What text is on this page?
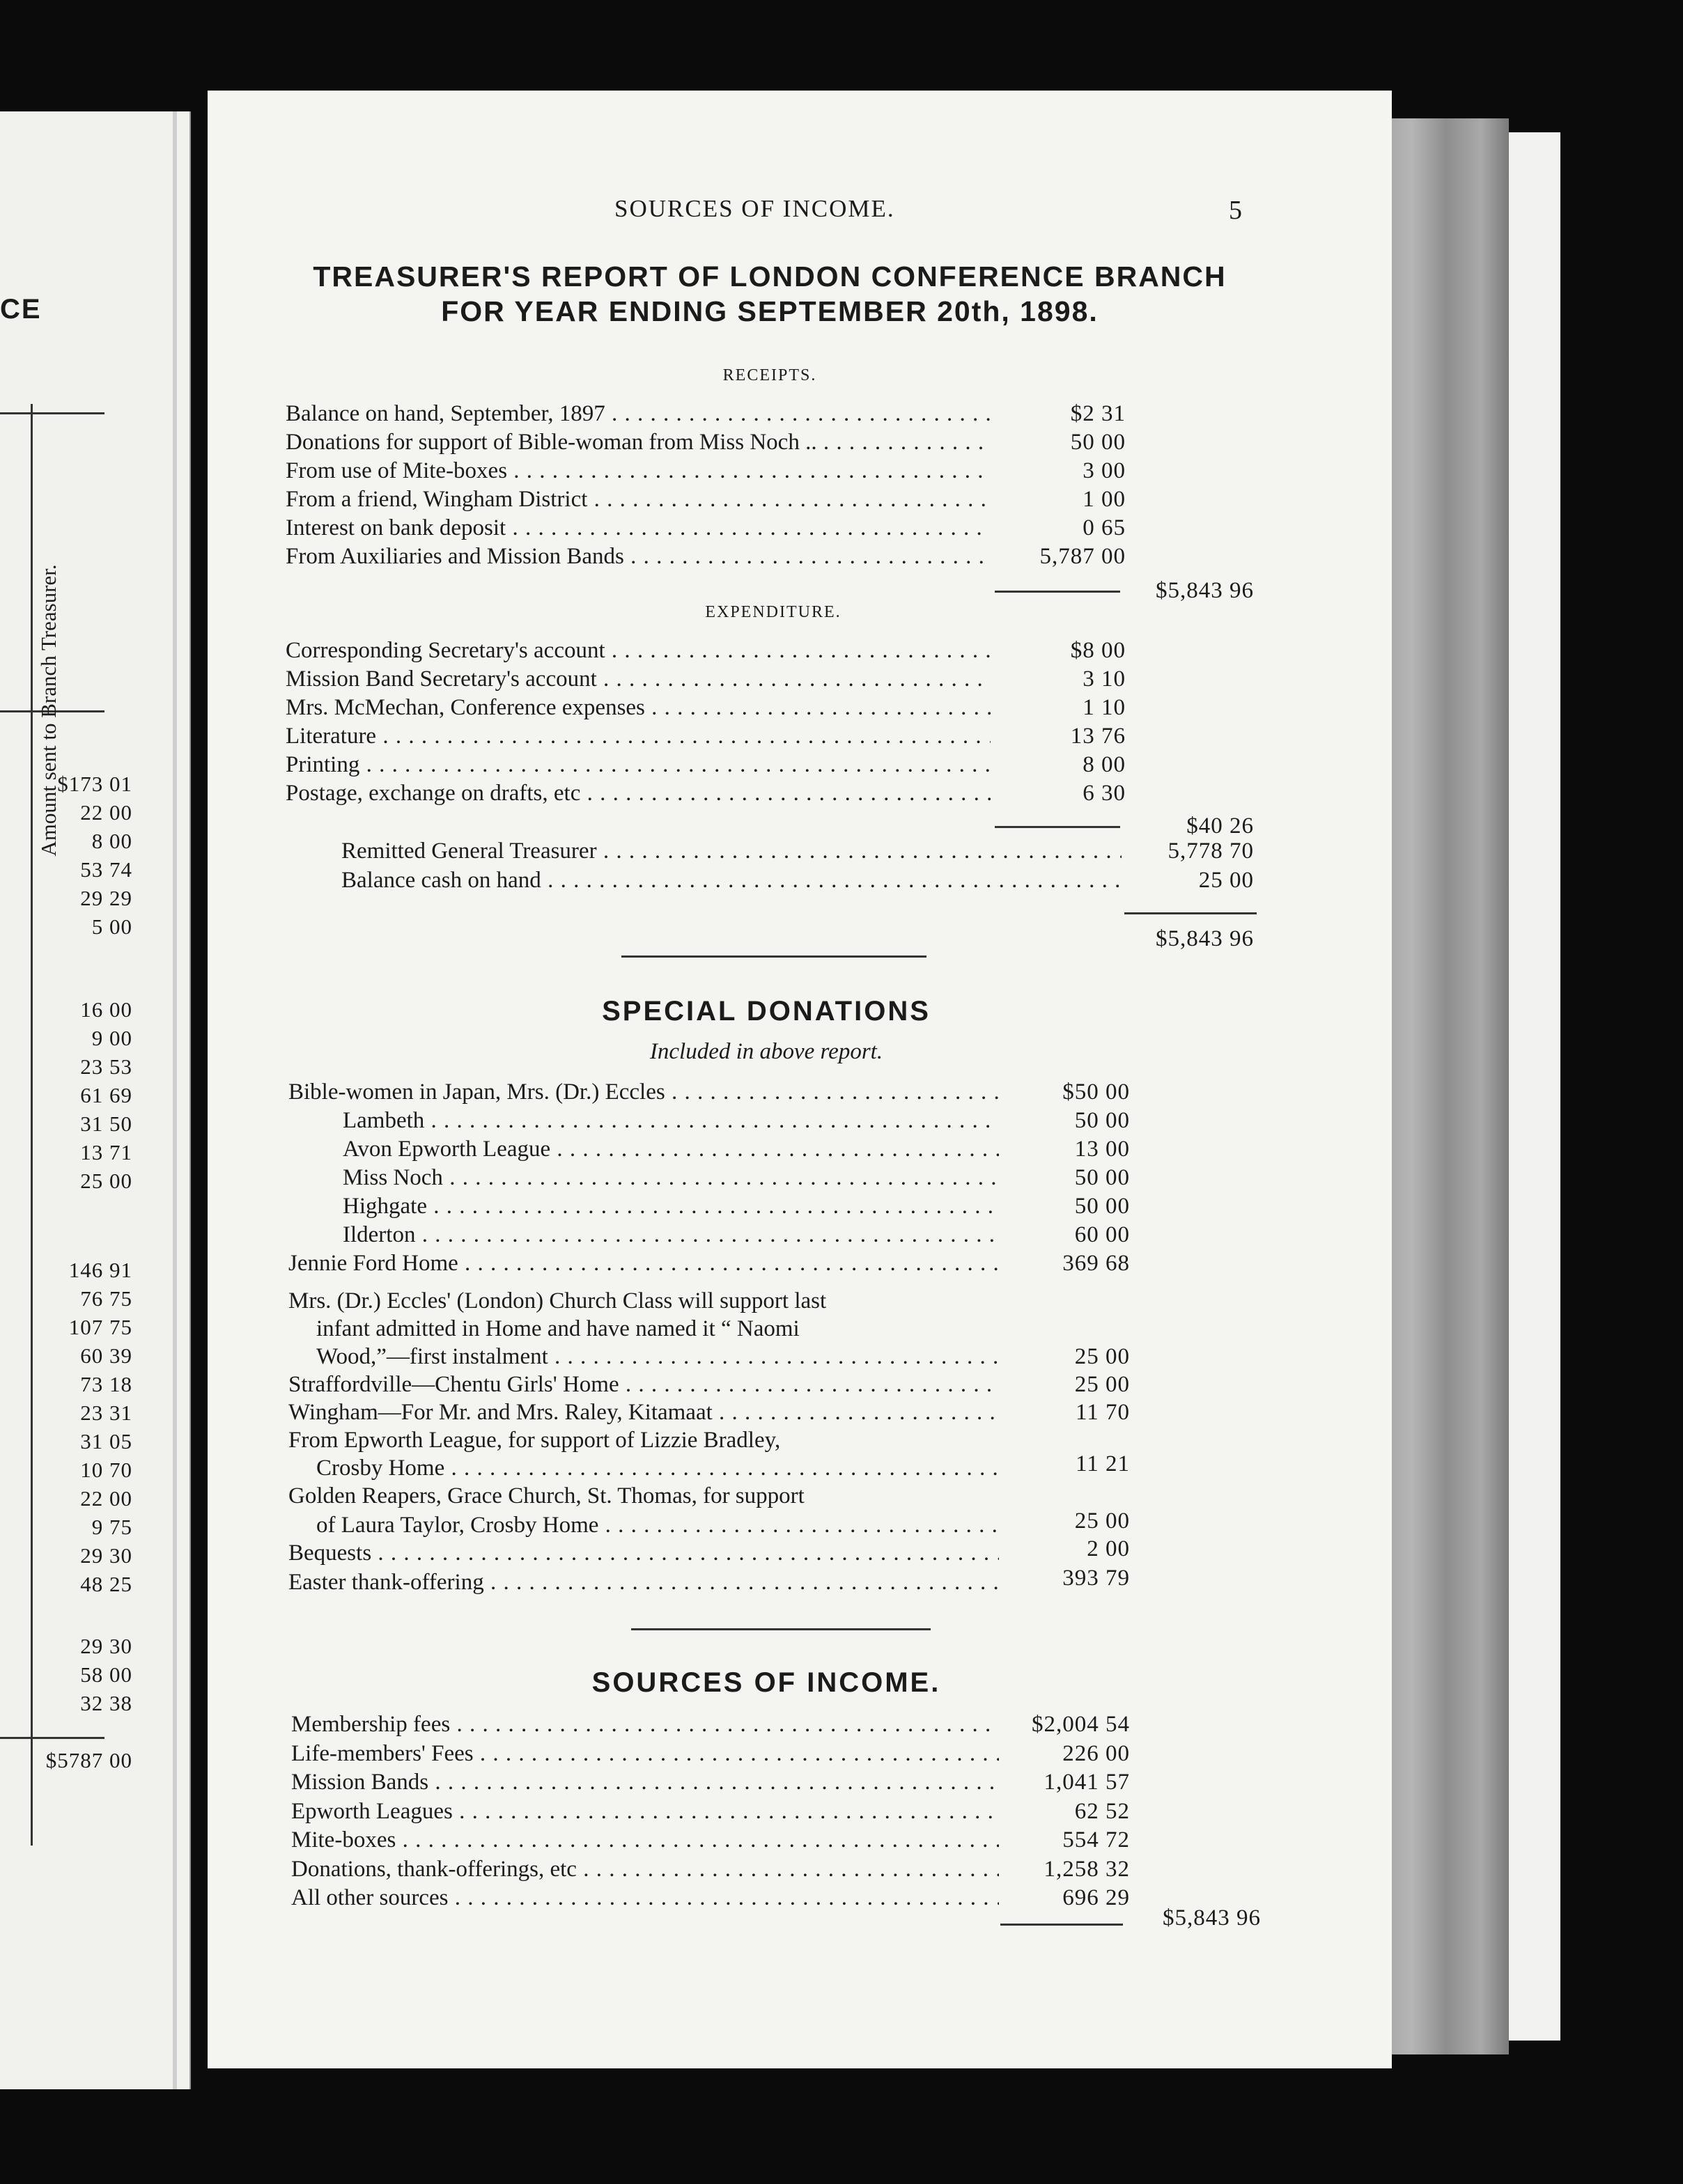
CE
Amount sent to Branch Treasurer.
$173 01
22 00
8 00
53 74
29 29
5 00
16 00
9 00
23 53
61 69
31 50
13 71
25 00
146 91
76 75
107 75
60 39
73 18
23 31
31 05
10 70
22 00
9 75
29 30
48 25
29 30
58 00
32 38
$5787 00
SOURCES OF INCOME.	5
TREASURER'S REPORT OF LONDON CONFERENCE BRANCH
FOR YEAR ENDING SEPTEMBER 20th, 1898.
RECEIPTS.
Balance on hand, September, 1897 . . .	$2 31
Donations for support of Bible-woman from Miss Noch .. . . .	50 00
From use of Mite-boxes . . .	3 00
From a friend, Wingham District . . .	1 00
Interest on bank deposit . . .	0 65
From Auxiliaries and Mission Bands . . .	5,787 00
$5,843 96
EXPENDITURE.
Corresponding Secretary's account . . .	$8 00
Mission Band Secretary's account . . .	3 10
Mrs. McMechan, Conference expenses . . .	1 10
Literature . . .	13 76
Printing . . .	8 00
Postage, exchange on drafts, etc . . .	6 30
$40 26
Remitted General Treasurer . . .	5,778 70
Balance cash on hand . . .	25 00
$5,843 96
SPECIAL DONATIONS
Included in above report.
Bible-women in Japan, Mrs. (Dr.) Eccles . . .	$50 00
Lambeth . . .	50 00
Avon Epworth League . . .	13 00
Miss Noch . . .	50 00
Highgate . . .	50 00
Ilderton . . .	60 00
Jennie Ford Home . . .	369 68
Mrs. (Dr.) Eccles' (London) Church Class will support last
infant admitted in Home and have named it “ Naomi
Wood,”—first instalment . . .	25 00
Straffordville—Chentu Girls' Home . . .	25 00
Wingham—For Mr. and Mrs. Raley, Kitamaat . . .	11 70
From Epworth League, for support of Lizzie Bradley,
Crosby Home . . .	11 21
Golden Reapers, Grace Church, St. Thomas, for support
of Laura Taylor, Crosby Home . . .	25 00
Bequests . . .	2 00
Easter thank-offering . . .	393 79
SOURCES OF INCOME.
Membership fees . . .	$2,004 54
Life-members' Fees . . .	226 00
Mission Bands . . .	1,041 57
Epworth Leagues . . .	62 52
Mite-boxes . . .	554 72
Donations, thank-offerings, etc . . .	1,258 32
All other sources . . .	696 29
$5,843 96
